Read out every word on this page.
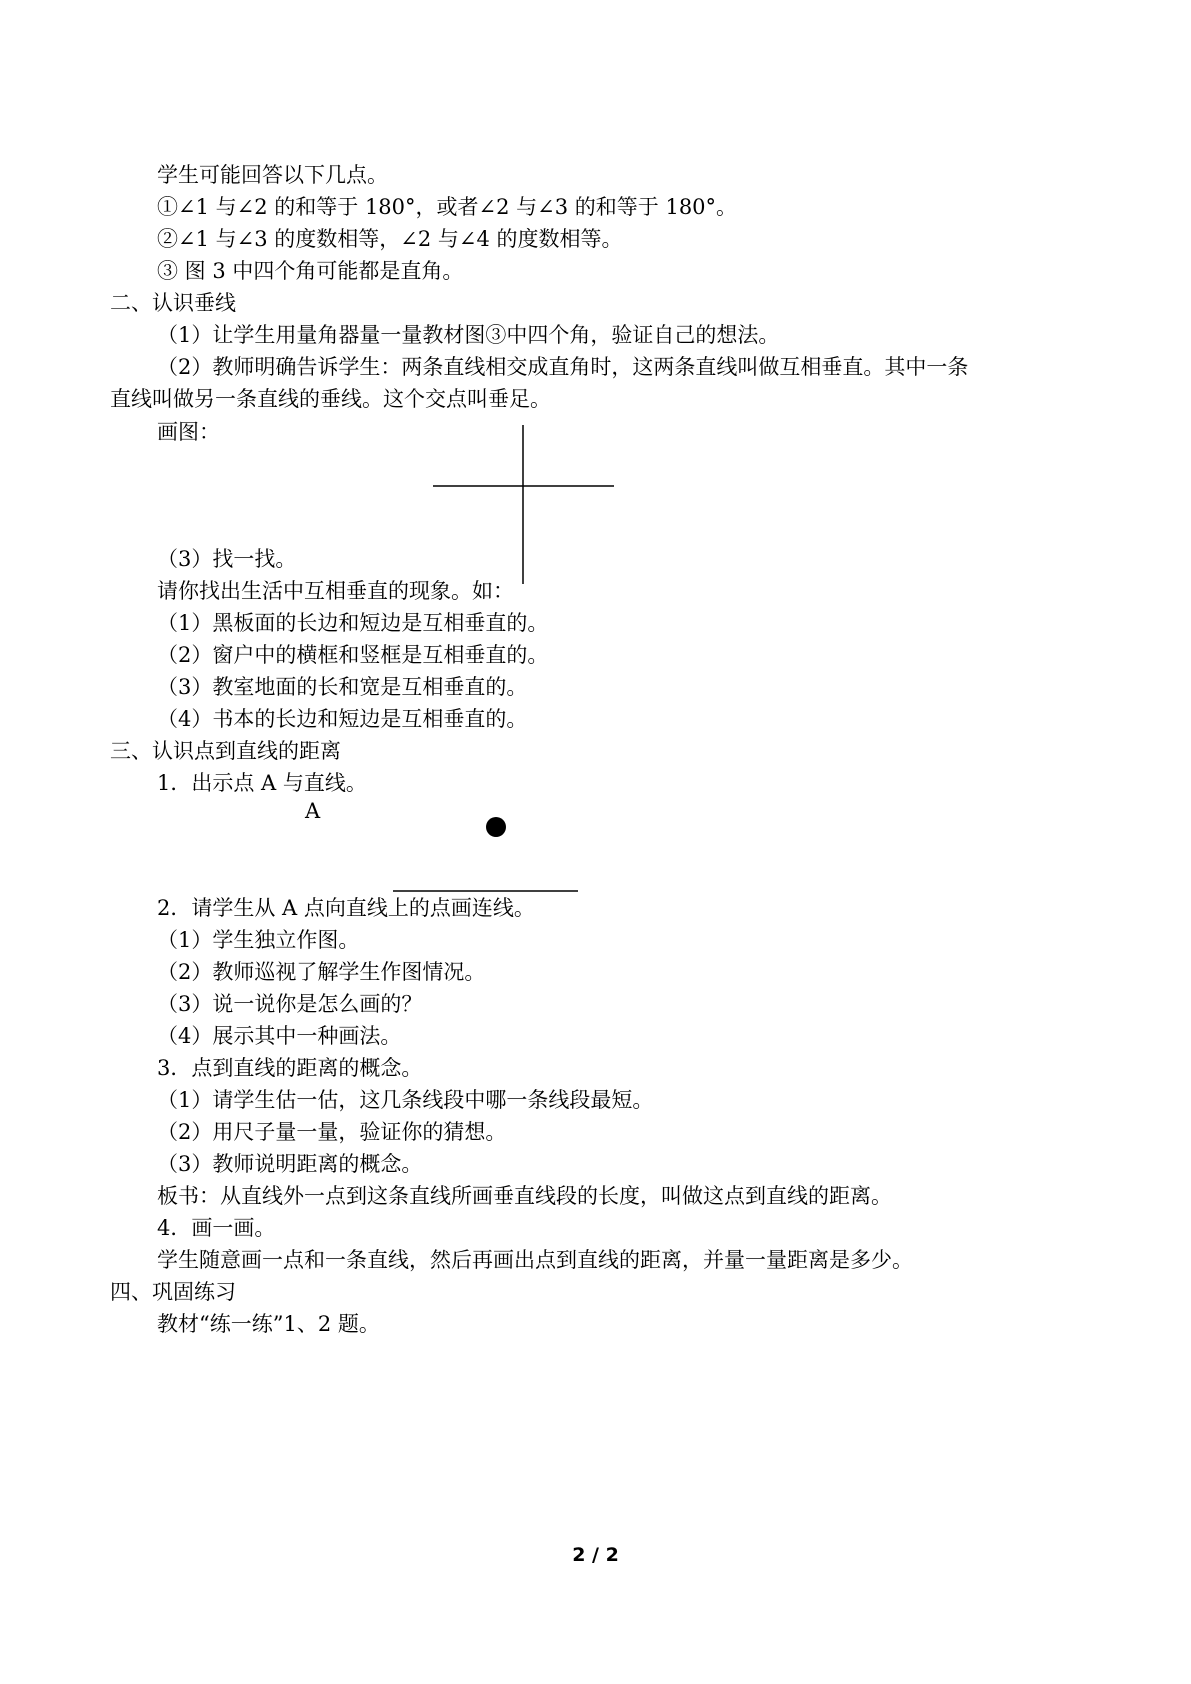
学生可能回答以下几点。
①∠1 与∠2 的和等于 180°，或者∠2 与∠3 的和等于 180°。
②∠1 与∠3 的度数相等，∠2 与∠4 的度数相等。
③ 图 3 中四个角可能都是直角。
二、认识垂线
（1）让学生用量角器量一量教材图③中四个角，验证自己的想法。
（2）教师明确告诉学生：两条直线相交成直角时，这两条直线叫做互相垂直。其中一条
直线叫做另一条直线的垂线。这个交点叫垂足。
画图：
（3）找一找。
请你找出生活中互相垂直的现象。如：
（1）黑板面的长边和短边是互相垂直的。
（2）窗户中的横框和竖框是互相垂直的。
（3）教室地面的长和宽是互相垂直的。
（4）书本的长边和短边是互相垂直的。
三、认识点到直线的距离
1．出示点 A 与直线。
2．请学生从 A 点向直线上的点画连线。
（1）学生独立作图。
（2）教师巡视了解学生作图情况。
（3）说一说你是怎么画的？
（4）展示其中一种画法。
3．点到直线的距离的概念。
（1）请学生估一估，这几条线段中哪一条线段最短。
（2）用尺子量一量，验证你的猜想。
（3）教师说明距离的概念。
板书：从直线外一点到这条直线所画垂直线段的长度，叫做这点到直线的距离。
4．画一画。
学生随意画一点和一条直线，然后再画出点到直线的距离，并量一量距离是多少。
四、巩固练习
教材“练一练”1、2 题。
A
2 / 2
